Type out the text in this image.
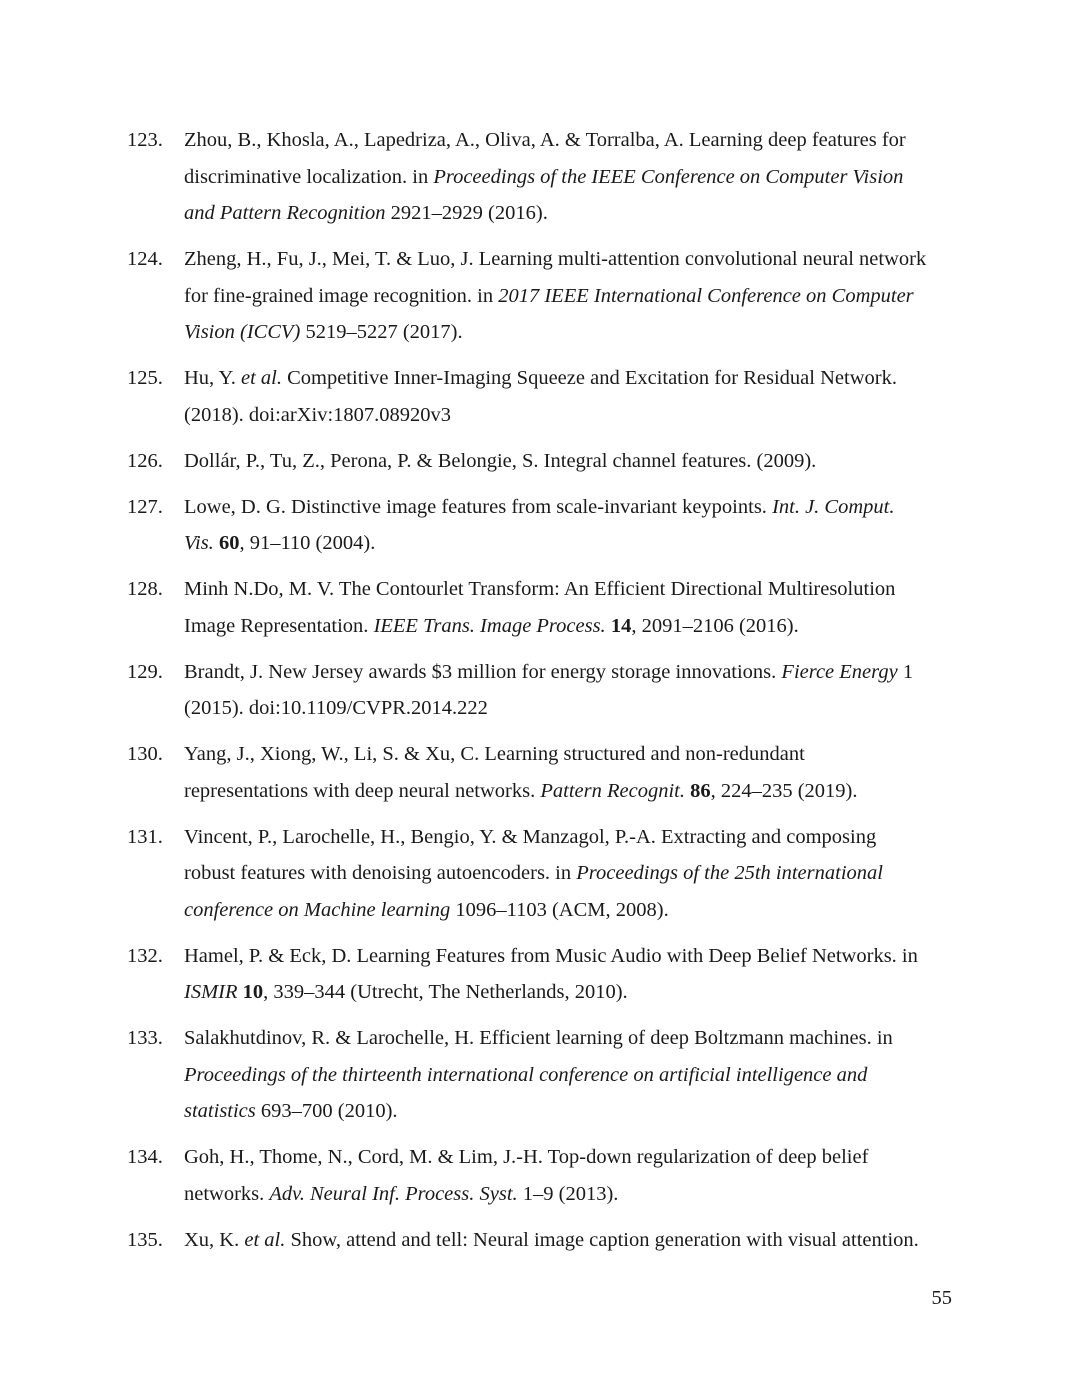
123. Zhou, B., Khosla, A., Lapedriza, A., Oliva, A. & Torralba, A. Learning deep features for
discriminative localization. in Proceedings of the IEEE Conference on Computer Vision
and Pattern Recognition 2921–2929 (2016).
124. Zheng, H., Fu, J., Mei, T. & Luo, J. Learning multi-attention convolutional neural network
for fine-grained image recognition. in 2017 IEEE International Conference on Computer
Vision (ICCV) 5219–5227 (2017).
125. Hu, Y. et al. Competitive Inner-Imaging Squeeze and Excitation for Residual Network.
(2018). doi:arXiv:1807.08920v3
126. Dollár, P., Tu, Z., Perona, P. & Belongie, S. Integral channel features. (2009).
127. Lowe, D. G. Distinctive image features from scale-invariant keypoints. Int. J. Comput.
Vis. 60, 91–110 (2004).
128. Minh N.Do, M. V. The Contourlet Transform: An Efficient Directional Multiresolution
Image Representation. IEEE Trans. Image Process. 14, 2091–2106 (2016).
129. Brandt, J. New Jersey awards $3 million for energy storage innovations. Fierce Energy 1
(2015). doi:10.1109/CVPR.2014.222
130. Yang, J., Xiong, W., Li, S. & Xu, C. Learning structured and non-redundant
representations with deep neural networks. Pattern Recognit. 86, 224–235 (2019).
131. Vincent, P., Larochelle, H., Bengio, Y. & Manzagol, P.-A. Extracting and composing
robust features with denoising autoencoders. in Proceedings of the 25th international
conference on Machine learning 1096–1103 (ACM, 2008).
132. Hamel, P. & Eck, D. Learning Features from Music Audio with Deep Belief Networks. in
ISMIR 10, 339–344 (Utrecht, The Netherlands, 2010).
133. Salakhutdinov, R. & Larochelle, H. Efficient learning of deep Boltzmann machines. in
Proceedings of the thirteenth international conference on artificial intelligence and
statistics 693–700 (2010).
134. Goh, H., Thome, N., Cord, M. & Lim, J.-H. Top-down regularization of deep belief
networks. Adv. Neural Inf. Process. Syst. 1–9 (2013).
135. Xu, K. et al. Show, attend and tell: Neural image caption generation with visual attention.
55
